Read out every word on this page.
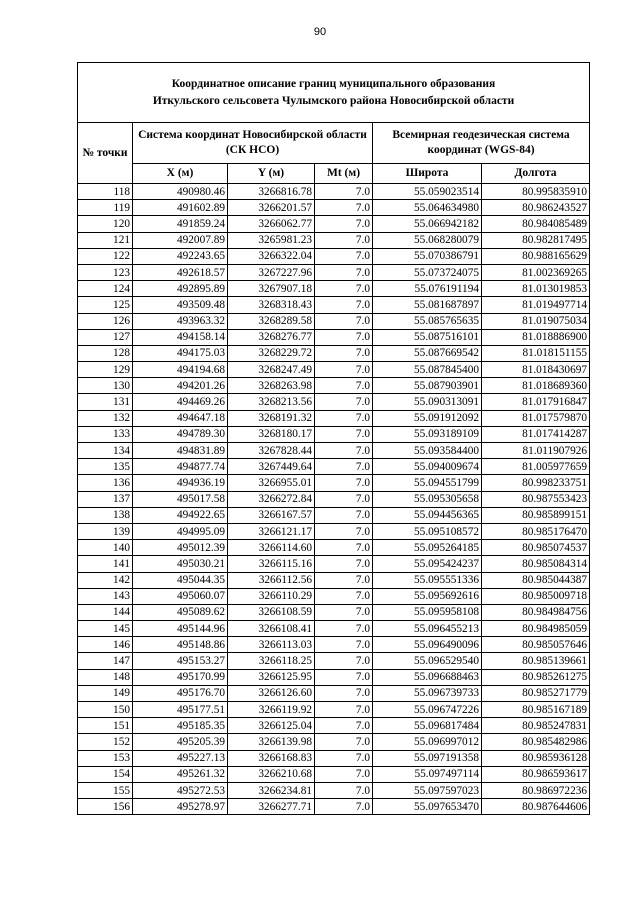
90
Координатное описание границ муниципального образования
Иткульского сельсовета Чулымского района Новосибирской области					

№ точки	Система координат Новосибирской области (СК НСО)			Всемирная геодезическая система координат (WGS-84)	
	X (м)	Y (м)	Mt (м)	Широта	Долгота
118	490980.46	3266816.78	7.0	55.059023514	80.995835910
119	491602.89	3266201.57	7.0	55.064634980	80.986243527
120	491859.24	3266062.77	7.0	55.066942182	80.984085489
121	492007.89	3265981.23	7.0	55.068280079	80.982817495
122	492243.65	3266322.04	7.0	55.070386791	80.988165629
123	492618.57	3267227.96	7.0	55.073724075	81.002369265
124	492895.89	3267907.18	7.0	55.076191194	81.013019853
125	493509.48	3268318.43	7.0	55.081687897	81.019497714
126	493963.32	3268289.58	7.0	55.085765635	81.019075034
127	494158.14	3268276.77	7.0	55.087516101	81.018886900
128	494175.03	3268229.72	7.0	55.087669542	81.018151155
129	494194.68	3268247.49	7.0	55.087845400	81.018430697
130	494201.26	3268263.98	7.0	55.087903901	81.018689360
131	494469.26	3268213.56	7.0	55.090313091	81.017916847
132	494647.18	3268191.32	7.0	55.091912092	81.017579870
133	494789.30	3268180.17	7.0	55.093189109	81.017414287
134	494831.89	3267828.44	7.0	55.093584400	81.011907926
135	494877.74	3267449.64	7.0	55.094009674	81.005977659
136	494936.19	3266955.01	7.0	55.094551799	80.998233751
137	495017.58	3266272.84	7.0	55.095305658	80.987553423
138	494922.65	3266167.57	7.0	55.094456365	80.985899151
139	494995.09	3266121.17	7.0	55.095108572	80.985176470
140	495012.39	3266114.60	7.0	55.095264185	80.985074537
141	495030.21	3266115.16	7.0	55.095424237	80.985084314
142	495044.35	3266112.56	7.0	55.095551336	80.985044387
143	495060.07	3266110.29	7.0	55.095692616	80.985009718
144	495089.62	3266108.59	7.0	55.095958108	80.984984756
145	495144.96	3266108.41	7.0	55.096455213	80.984985059
146	495148.86	3266113.03	7.0	55.096490096	80.985057646
147	495153.27	3266118.25	7.0	55.096529540	80.985139661
148	495170.99	3266125.95	7.0	55.096688463	80.985261275
149	495176.70	3266126.60	7.0	55.096739733	80.985271779
150	495177.51	3266119.92	7.0	55.096747226	80.985167189
151	495185.35	3266125.04	7.0	55.096817484	80.985247831
152	495205.39	3266139.98	7.0	55.096997012	80.985482986
153	495227.13	3266168.83	7.0	55.097191358	80.985936128
154	495261.32	3266210.68	7.0	55.097497114	80.986593617
155	495272.53	3266234.81	7.0	55.097597023	80.986972236
156	495278.97	3266277.71	7.0	55.097653470	80.987644606
